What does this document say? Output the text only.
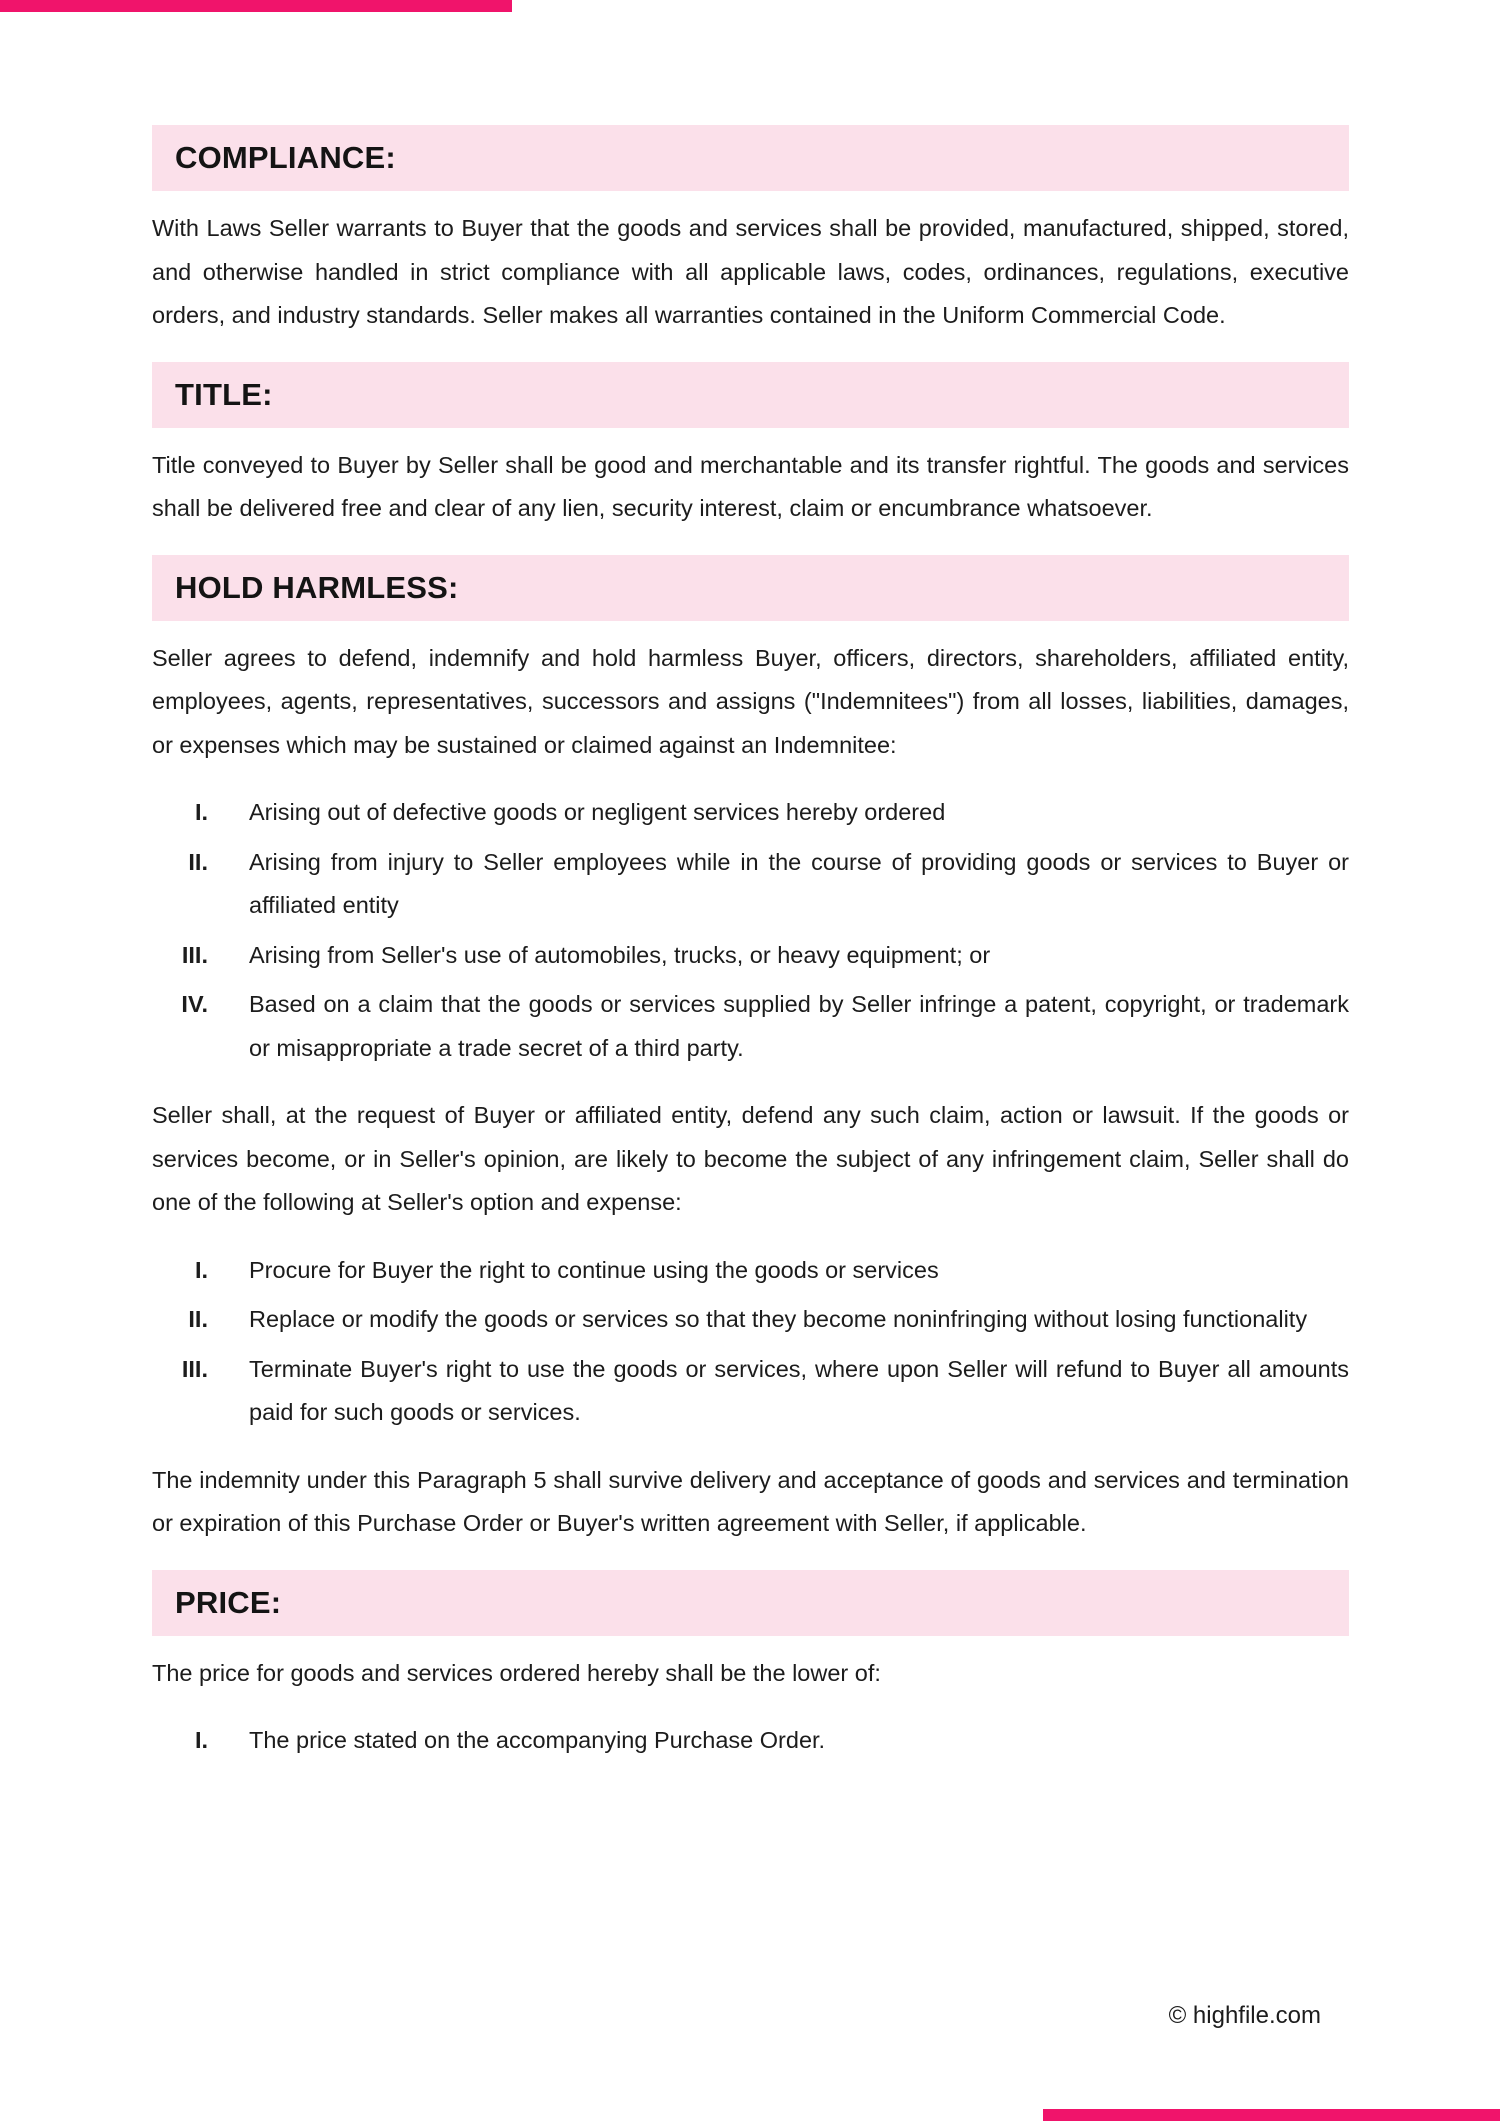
COMPLIANCE:

With Laws Seller warrants to Buyer that the goods and services shall be provided, manufactured, shipped, stored, and otherwise handled in strict compliance with all applicable laws, codes, ordinances, regulations, executive orders, and industry standards. Seller makes all warranties contained in the Uniform Commercial Code.

TITLE:

Title conveyed to Buyer by Seller shall be good and merchantable and its transfer rightful. The goods and services shall be delivered free and clear of any lien, security interest, claim or encumbrance whatsoever.

HOLD HARMLESS:

Seller agrees to defend, indemnify and hold harmless Buyer, officers, directors, shareholders, affiliated entity, employees, agents, representatives, successors and assigns ("Indemnitees") from all losses, liabilities, damages, or expenses which may be sustained or claimed against an Indemnitee:

I. Arising out of defective goods or negligent services hereby ordered
II. Arising from injury to Seller employees while in the course of providing goods or services to Buyer or affiliated entity
III. Arising from Seller's use of automobiles, trucks, or heavy equipment; or
IV. Based on a claim that the goods or services supplied by Seller infringe a patent, copyright, or trademark or misappropriate a trade secret of a third party.

Seller shall, at the request of Buyer or affiliated entity, defend any such claim, action or lawsuit. If the goods or services become, or in Seller's opinion, are likely to become the subject of any infringement claim, Seller shall do one of the following at Seller's option and expense:

I. Procure for Buyer the right to continue using the goods or services
II. Replace or modify the goods or services so that they become noninfringing without losing functionality
III. Terminate Buyer's right to use the goods or services, where upon Seller will refund to Buyer all amounts paid for such goods or services.

The indemnity under this Paragraph 5 shall survive delivery and acceptance of goods and services and termination or expiration of this Purchase Order or Buyer's written agreement with Seller, if applicable.

PRICE:

The price for goods and services ordered hereby shall be the lower of:

I. The price stated on the accompanying Purchase Order.
© highfile.com
